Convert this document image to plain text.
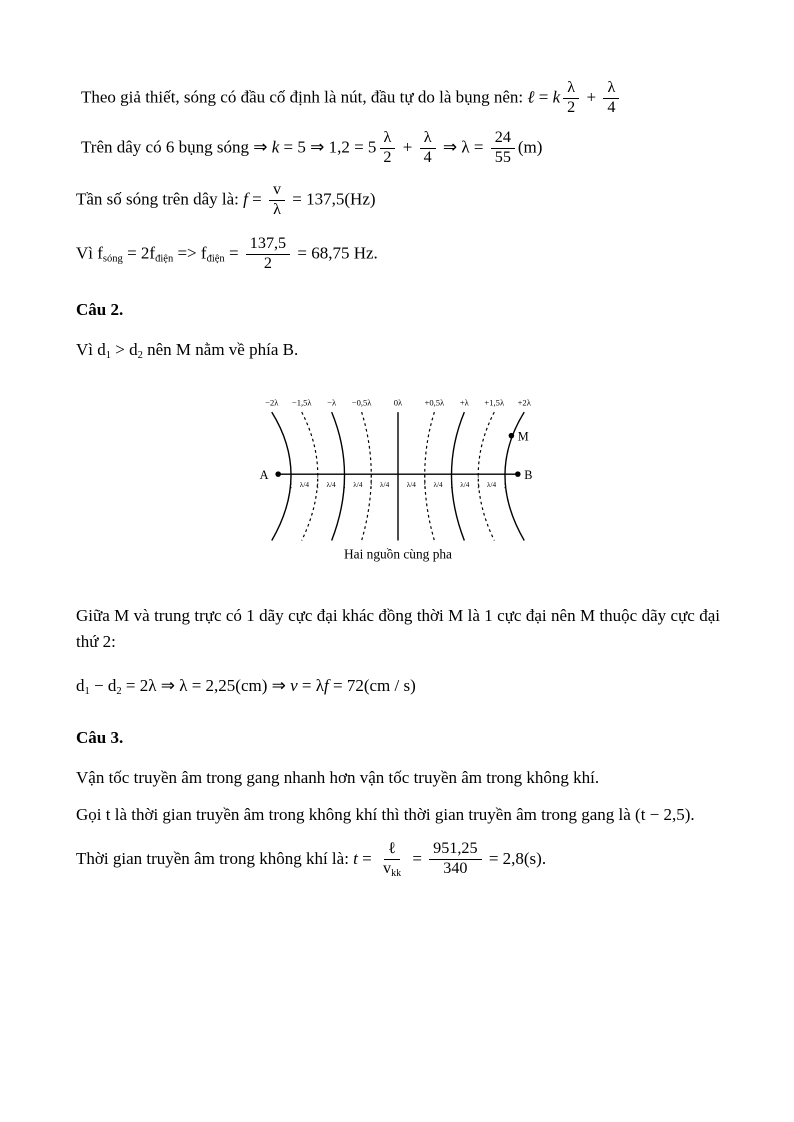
Theo giả thiết, sóng có đầu cố định là nút, đầu tự do là bụng nên: ℓ = k $\frac{\lambda}{2} + \frac{\lambda}{4}$

Trên dây có 6 bụng sóng ⇒ k = 5 ⇒ $1,2 = 5 \frac{\lambda}{2} + \frac{\lambda}{4}$ ⇒ $\lambda = \frac{24}{55} (m)$

Tần số sóng trên dây là: $f = \frac{v}{\lambda} = 137,5(Hz)$

Vì $f_{sóng} = 2f_{điện} => f_{điện} = \frac{137,5}{2} = 68,75$ Hz.

Câu 2.

Vì $d_1 > d_2$ nên M nằm về phía B.

−2λ −1,5λ −λ −0,5λ	0λ	+0,5λ +λ +1,5λ +2λ
λ/4	λ/4	λ/4	λ/4	λ/4	λ/4	λ/4	λ/4
A	B
M
Hai nguồn cùng pha

Giữa M và trung trực có 1 dãy cực đại khác đồng thời M là 1 cực đại nên M thuộc dãy cực đại thứ 2:

$d_1 - d_2 = 2\lambda$ ⇒ λ = 2,25(cm) ⇒ v = λf = 72(cm / s)

Câu 3.

Vận tốc truyền âm trong gang nhanh hơn vận tốc truyền âm trong không khí.

Gọi t là thời gian truyền âm trong không khí thì thời gian truyền âm trong gang là (t − 2,5).

Thời gian truyền âm trong không khí là: $t = \frac{\text{ℓ}}{v_{kk}} = \frac{951,25}{340} = 2,8(s)$.
